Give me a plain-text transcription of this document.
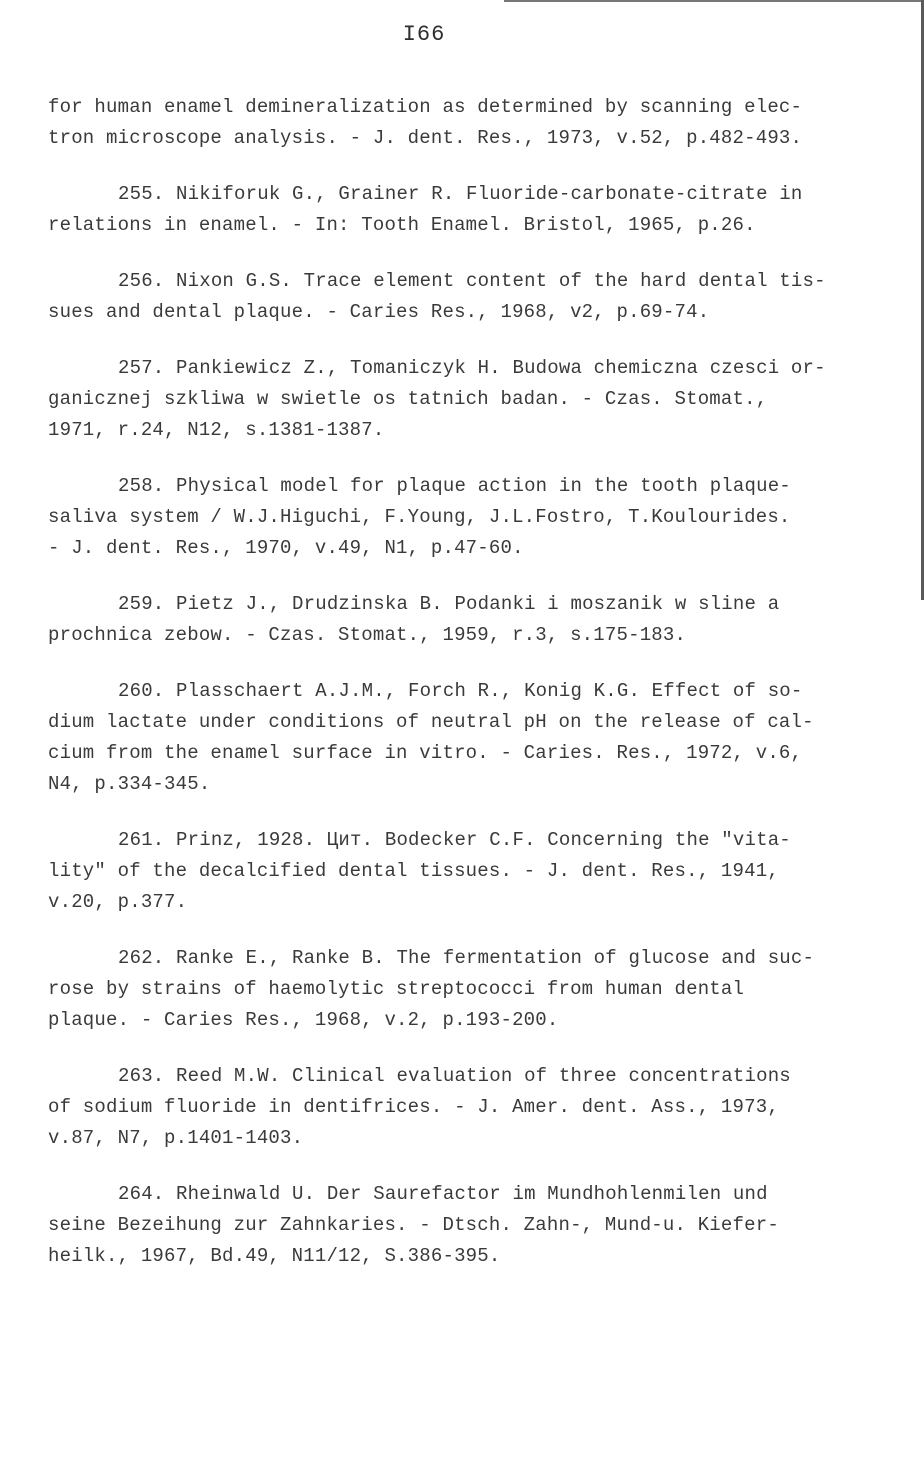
I66
for human enamel demineralization as determined by scanning elec-
tron microscope analysis. - J. dent. Res., 1973, v.52, p.482-493.
255. Nikiforuk G., Grainer R. Fluoride-carbonate-citrate in
relations in enamel. - In: Tooth Enamel. Bristol, 1965, p.26.
256. Nixon G.S. Trace element content of the hard dental tis-
sues and dental plaque. - Caries Res., 1968, v2, p.69-74.
257. Pankiewicz Z., Tomaniczyk H. Budowa chemiczna czesci or-
ganicznej szkliwa w swietle os tatnich badan. - Czas. Stomat.,
1971, r.24, N12, s.1381-1387.
258. Physical model for plaque action in the tooth plaque-
saliva system / W.J.Higuchi, F.Young, J.L.Fostro, T.Koulourides.
- J. dent. Res., 1970, v.49, N1, p.47-60.
259. Pietz J., Drudzinska B. Podanki i moszanik w sline a
prochnica zebow. - Czas. Stomat., 1959, r.3, s.175-183.
260. Plasschaert A.J.M., Forch R., Konig K.G. Effect of so-
dium lactate under conditions of neutral pH on the release of cal-
cium from the enamel surface in vitro. - Caries. Res., 1972, v.6,
N4, p.334-345.
261. Prinz, 1928. Цит. Bodecker C.F. Concerning the "vita-
lity" of the decalcified dental tissues. - J. dent. Res., 1941,
v.20, p.377.
262. Ranke E., Ranke B. The fermentation of glucose and suc-
rose by strains of haemolytic streptococci from human dental
plaque. - Caries Res., 1968, v.2, p.193-200.
263. Reed M.W. Clinical evaluation of three concentrations
of sodium fluoride in dentifrices. - J. Amer. dent. Ass., 1973,
v.87, N7, p.1401-1403.
264. Rheinwald U. Der Saurefactor im Mundhohlenmilen und
seine Bezeihung zur Zahnkaries. - Dtsch. Zahn-, Mund-u. Kiefer-
heilk., 1967, Bd.49, N11/12, S.386-395.
